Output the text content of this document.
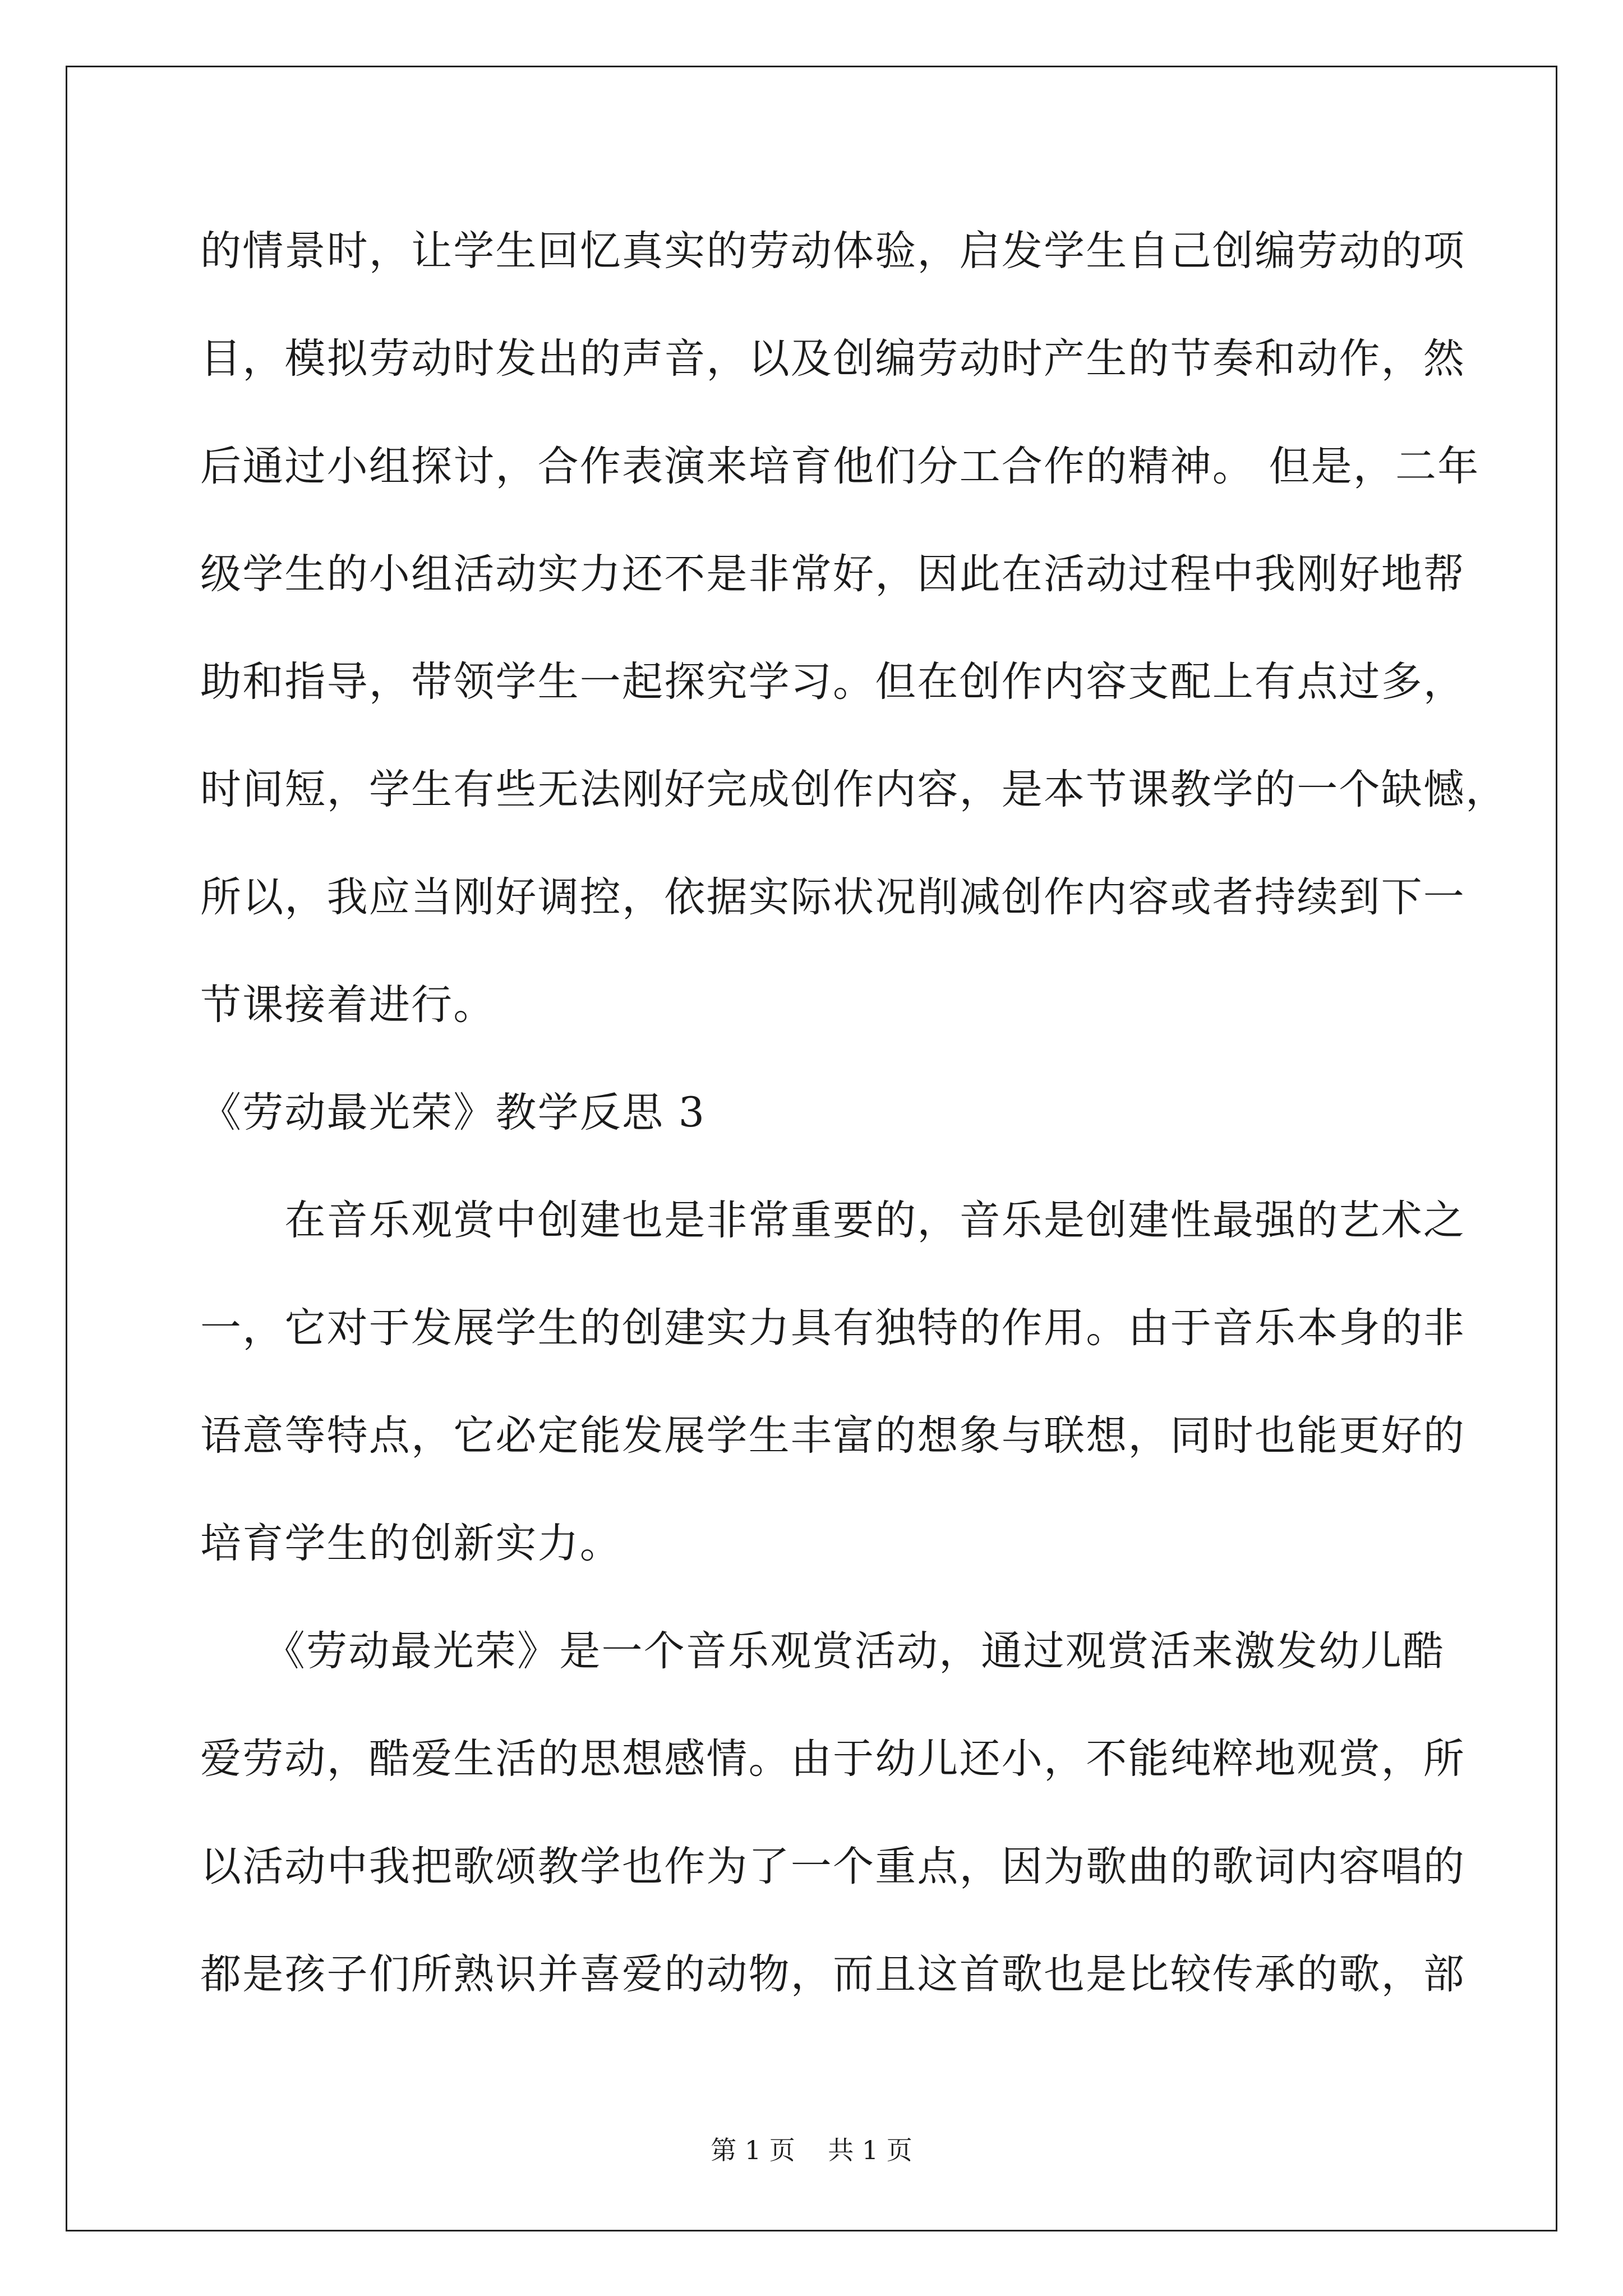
的情景时，让学生回忆真实的劳动体验，启发学生自己创编劳动的项

目，模拟劳动时发出的声音，以及创编劳动时产生的节奏和动作，然

后通过小组探讨，合作表演来培育他们分工合作的精神。 但是，二年

级学生的小组活动实力还不是非常好，因此在活动过程中我刚好地帮

助和指导，带领学生一起探究学习。但在创作内容支配上有点过多，

时间短，学生有些无法刚好完成创作内容，是本节课教学的一个缺憾，

所以，我应当刚好调控，依据实际状况削减创作内容或者持续到下一

节课接着进行。

《劳动最光荣》教学反思 3

　　在音乐观赏中创建也是非常重要的，音乐是创建性最强的艺术之

一，它对于发展学生的创建实力具有独特的作用。由于音乐本身的非

语意等特点，它必定能发展学生丰富的想象与联想，同时也能更好的

培育学生的创新实力。

　　《劳动最光荣》是一个音乐观赏活动，通过观赏活来激发幼儿酷

爱劳动，酷爱生活的思想感情。由于幼儿还小，不能纯粹地观赏，所

以活动中我把歌颂教学也作为了一个重点，因为歌曲的歌词内容唱的

都是孩子们所熟识并喜爱的动物，而且这首歌也是比较传承的歌，部

第 1 页    共 1 页
